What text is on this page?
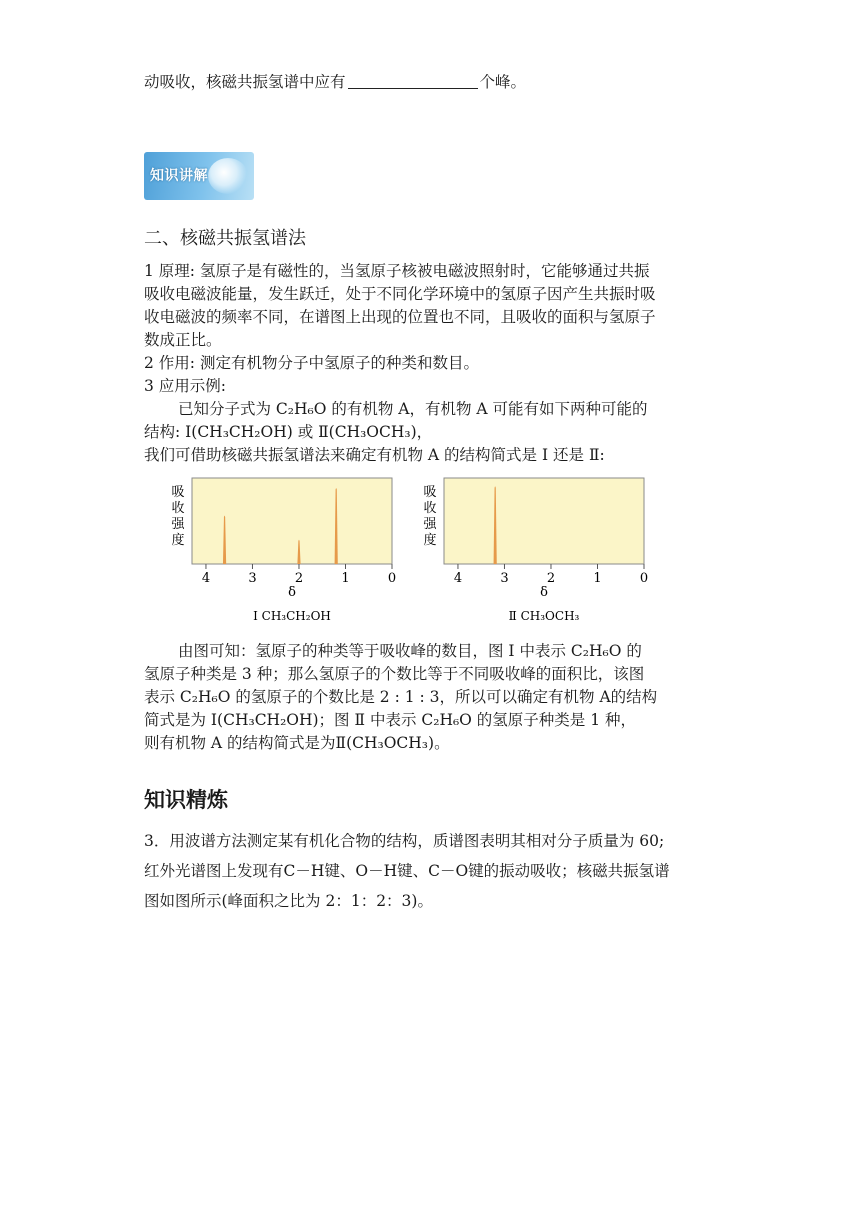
动吸收，核磁共振氢谱中应有	个峰。
知识讲解
二、核磁共振氢谱法

1 原理: 氢原子是有磁性的，当氢原子核被电磁波照射时，它能够通过共振

吸收电磁波能量，发生跃迁，处于不同化学环境中的氢原子因产生共振时吸

收电磁波的频率不同，在谱图上出现的位置也不同，且吸收的面积与氢原子

数成正比。

2 作用: 测定有机物分子中氢原子的种类和数目。

3 应用示例:

已知分子式为 C₂H₆O 的有机物 A，有机物 A 可能有如下两种可能的

结构: Ⅰ(CH₃CH₂OH) 或 Ⅱ(CH₃OCH₃)，

我们可借助核磁共振氢谱法来确定有机物 A 的结构简式是 Ⅰ 还是 Ⅱ:

吸
收
强
度
4	3	2	1	0
δ
Ⅰ CH₃CH₂OH
吸
收
强
度
4	3	2	1	0
δ
Ⅱ CH₃OCH₃

由图可知：氢原子的种类等于吸收峰的数目，图 Ⅰ 中表示 C₂H₆O 的

氢原子种类是 3 种；那么氢原子的个数比等于不同吸收峰的面积比，该图

表示 C₂H₆O 的氢原子的个数比是 2 : 1 : 3，所以可以确定有机物 A的结构

简式是为 Ⅰ(CH₃CH₂OH)；图 Ⅱ 中表示 C₂H₆O 的氢原子种类是 1 种，

则有机物 A 的结构简式是为Ⅱ(CH₃OCH₃)。

知识精炼

3．用波谱方法测定某有机化合物的结构，质谱图表明其相对分子质量为 60;

红外光谱图上发现有C－H键、O－H键、C－O键的振动吸收；核磁共振氢谱

图如图所示(峰面积之比为 2：1：2：3)。
